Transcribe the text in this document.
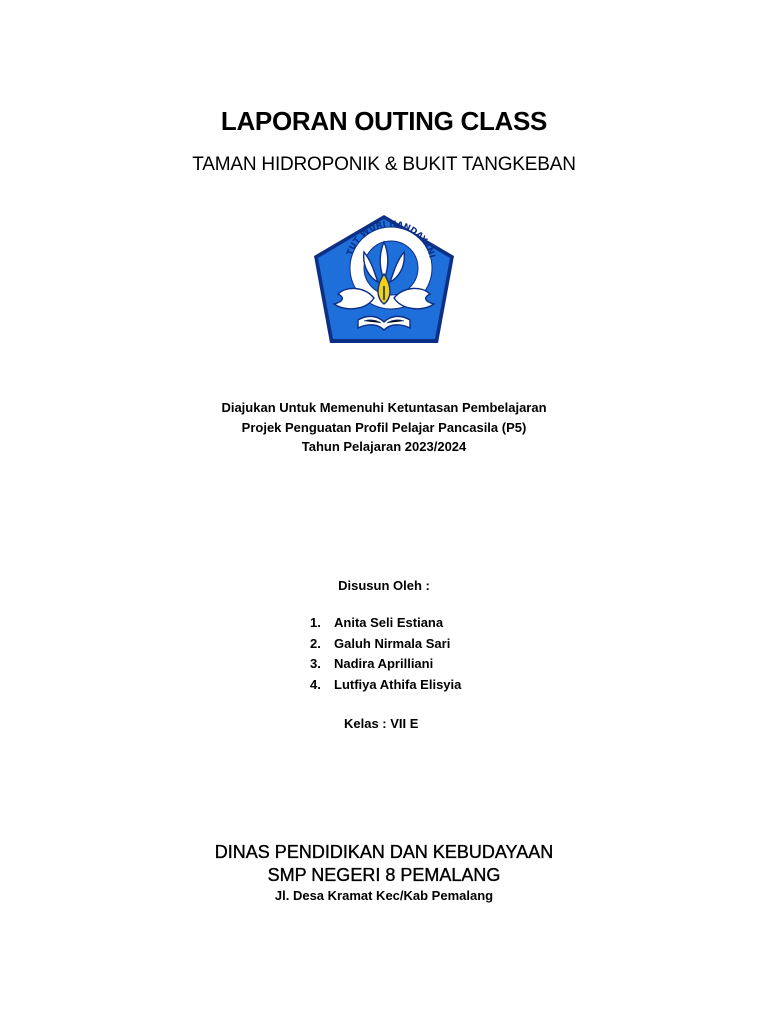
LAPORAN OUTING CLASS
TAMAN HIDROPONIK & BUKIT TANGKEBAN
TUT WURI HANDAYANI
Diajukan Untuk Memenuhi Ketuntasan Pembelajaran
Projek Penguatan Profil Pelajar Pancasila (P5)
Tahun Pelajaran 2023/2024
Disusun Oleh :
1. Anita Seli Estiana
2. Galuh Nirmala Sari
3. Nadira Aprilliani
4. Lutfiya Athifa Elisyia
Kelas : VII E
DINAS PENDIDIKAN DAN KEBUDAYAAN
SMP NEGERI 8 PEMALANG
Jl. Desa Kramat Kec/Kab Pemalang
